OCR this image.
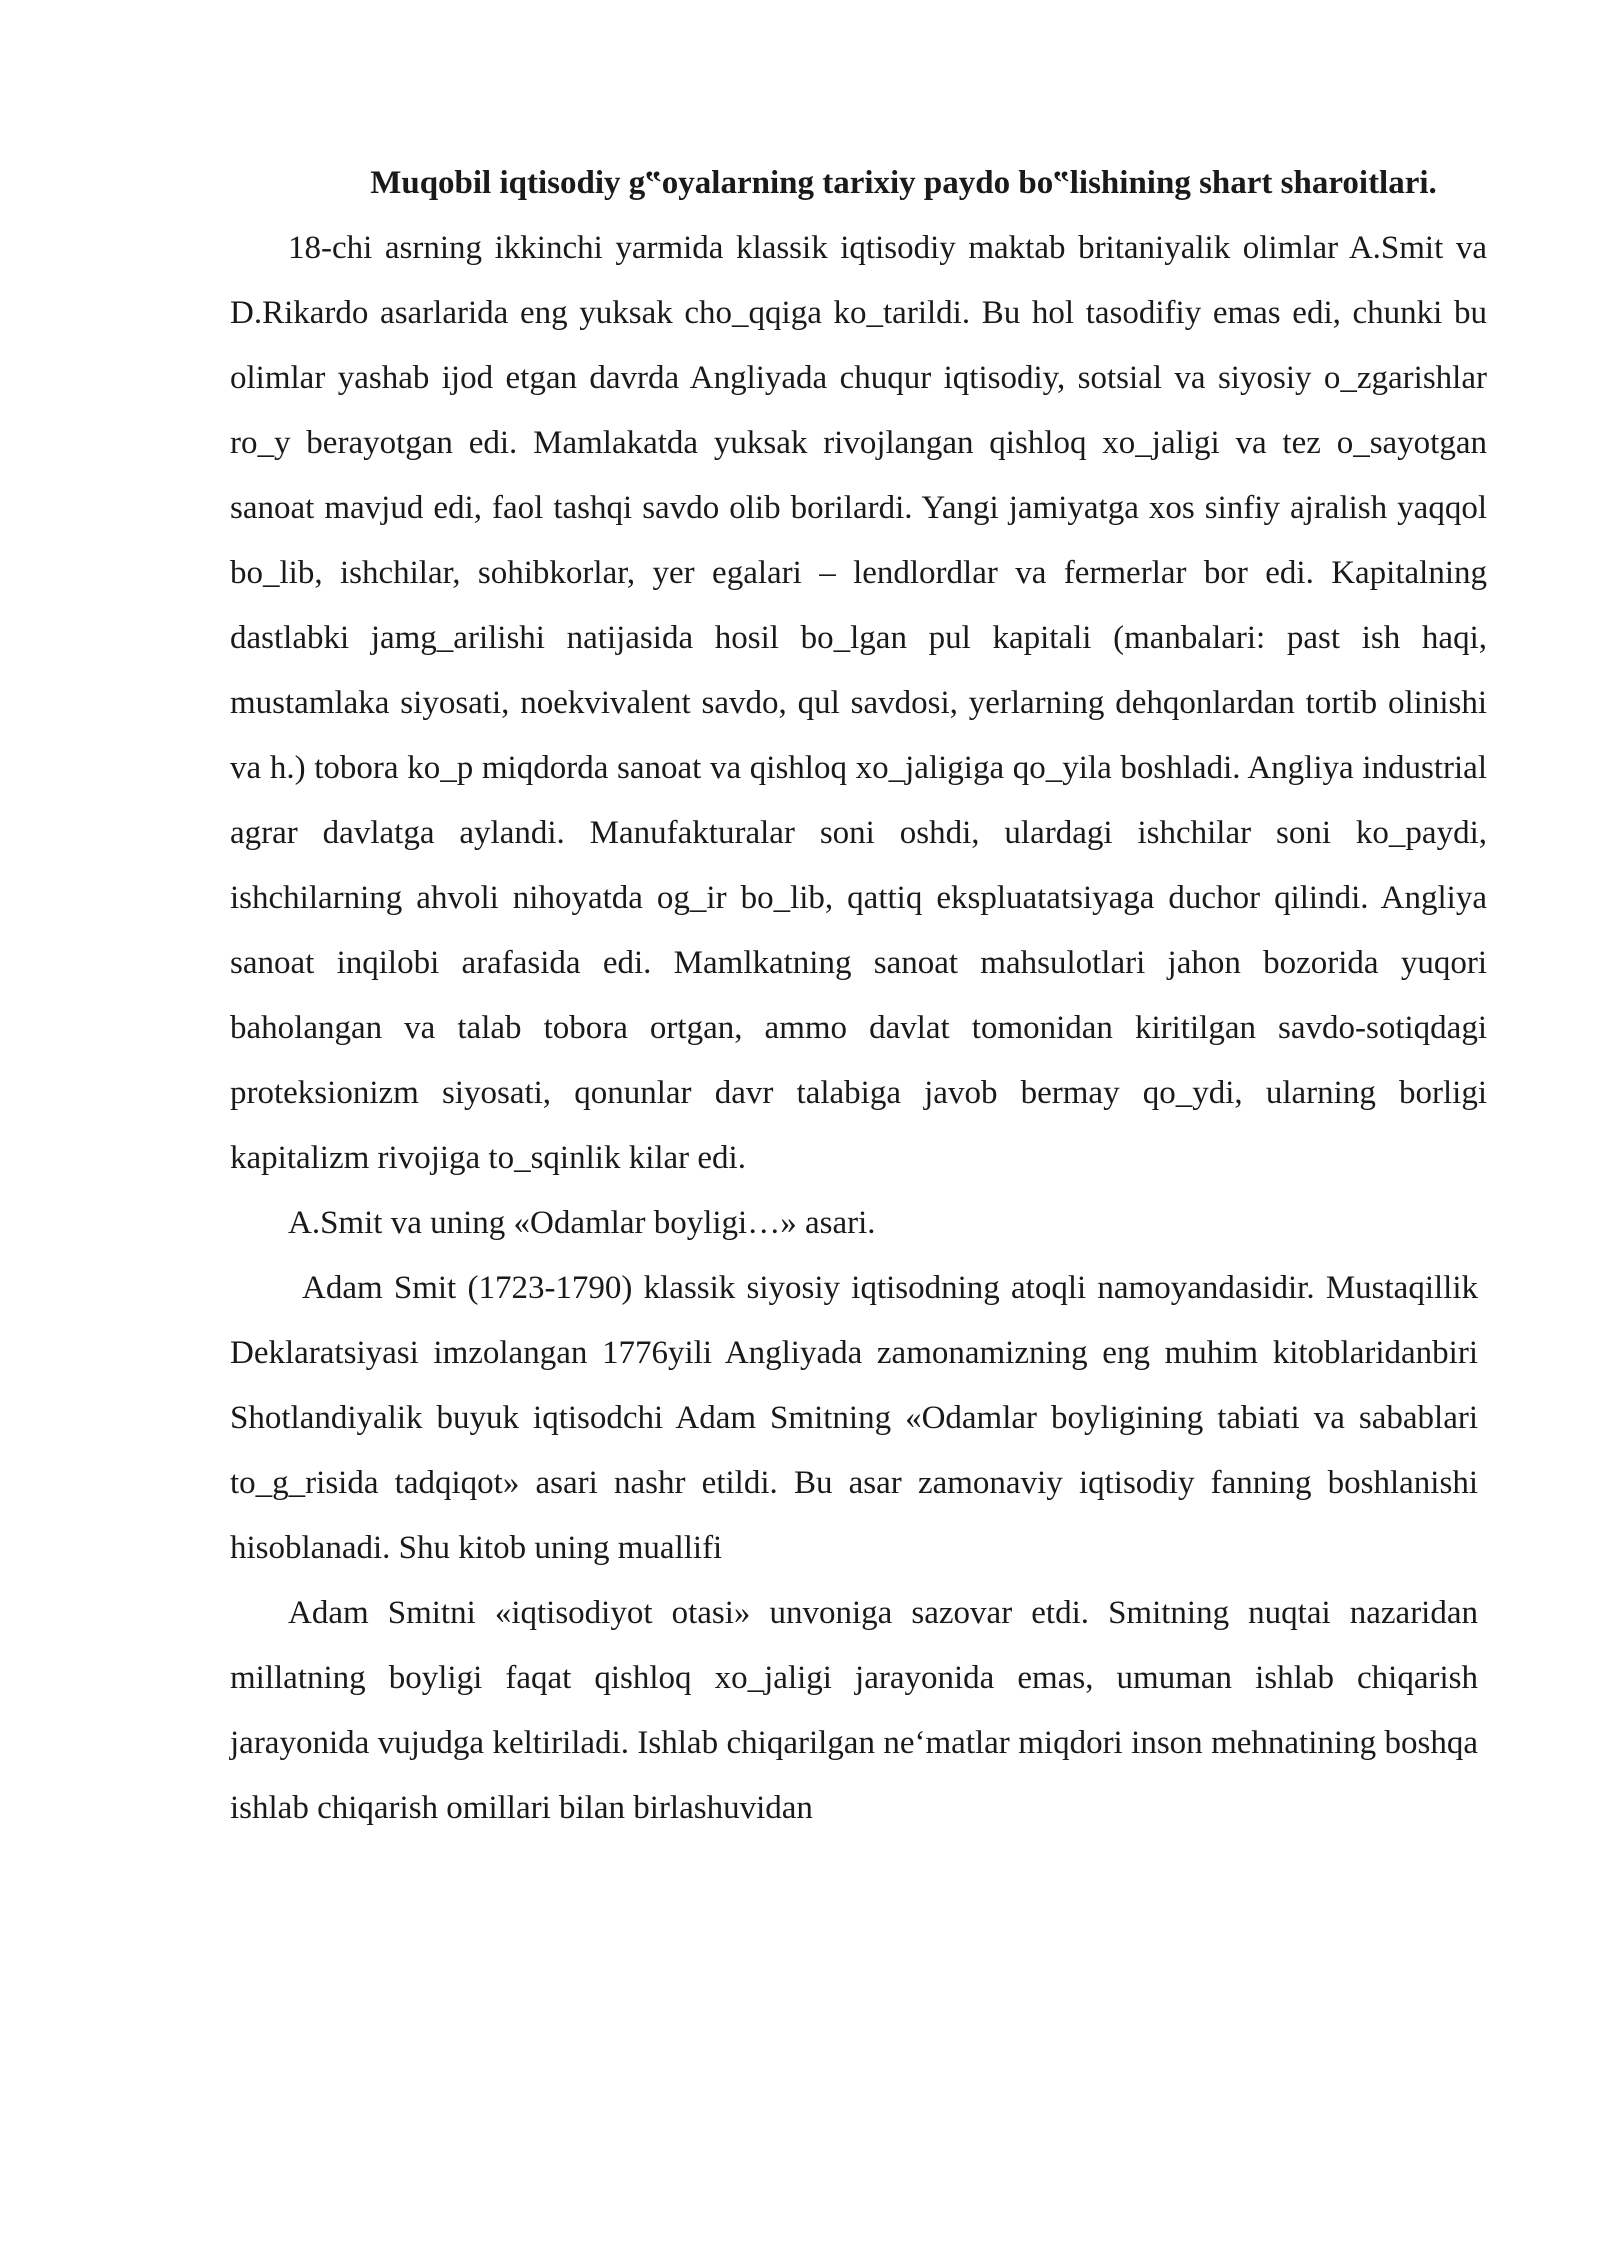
Muqobil iqtisodiy g‟oyalarning tarixiy paydo bo‟lishining shart sharoitlari.

18-chi asrning ikkinchi yarmida klassik iqtisodiy maktab britaniyalik olimlar A.Smit va D.Rikardo asarlarida eng yuksak cho_qqiga ko_tarildi. Bu hol tasodifiy emas edi, chunki bu olimlar yashab ijod etgan davrda Angliyada chuqur iqtisodiy, sotsial va siyosiy o_zgarishlar ro_y berayotgan edi. Mamlakatda yuksak rivojlangan qishloq xo_jaligi va tez o_sayotgan sanoat mavjud edi, faol tashqi savdo olib borilardi. Yangi jamiyatga xos sinfiy ajralish yaqqol bo_lib, ishchilar, sohibkorlar, yer egalari – lendlordlar va fermerlar bor edi. Kapitalning dastlabki jamg_arilishi natijasida hosil bo_lgan pul kapitali (manbalari: past ish haqi, mustamlaka siyosati, noekvivalent savdo, qul savdosi, yerlarning dehqonlardan tortib olinishi va h.) tobora ko_p miqdorda sanoat va qishloq xo_jaligiga qo_yila boshladi. Angliya industrial agrar davlatga aylandi. Manufakturalar soni oshdi, ulardagi ishchilar soni ko_paydi, ishchilarning ahvoli nihoyatda og_ir bo_lib, qattiq ekspluatatsiyaga duchor qilindi. Angliya sanoat inqilobi arafasida edi. Mamlkatning sanoat mahsulotlari jahon bozorida yuqori baholangan va talab tobora ortgan, ammo davlat tomonidan kiritilgan savdo-sotiqdagi proteksionizm siyosati, qonunlar davr talabiga javob bermay qo_ydi, ularning borligi kapitalizm rivojiga to_sqinlik kilar edi.

A.Smit va uning «Odamlar boyligi…» asari.

Adam Smit (1723-1790) klassik siyosiy iqtisodning atoqli namoyandasidir. Mustaqillik Deklaratsiyasi imzolangan 1776yili Angliyada zamonamizning eng muhim kitoblaridanbiri Shotlandiyalik buyuk iqtisodchi Adam Smitning «Odamlar boyligining tabiati va sabablari to_g_risida tadqiqot» asari nashr etildi. Bu asar zamonaviy iqtisodiy fanning boshlanishi hisoblanadi. Shu kitob uning muallifi

Adam Smitni «iqtisodiyot otasi» unvoniga sazovar etdi. Smitning nuqtai nazaridan millatning boyligi faqat qishloq xo_jaligi jarayonida emas, umuman ishlab chiqarish jarayonida vujudga keltiriladi. Ishlab chiqarilgan ne‘matlar miqdori inson mehnatining boshqa ishlab chiqarish omillari bilan birlashuvidan
